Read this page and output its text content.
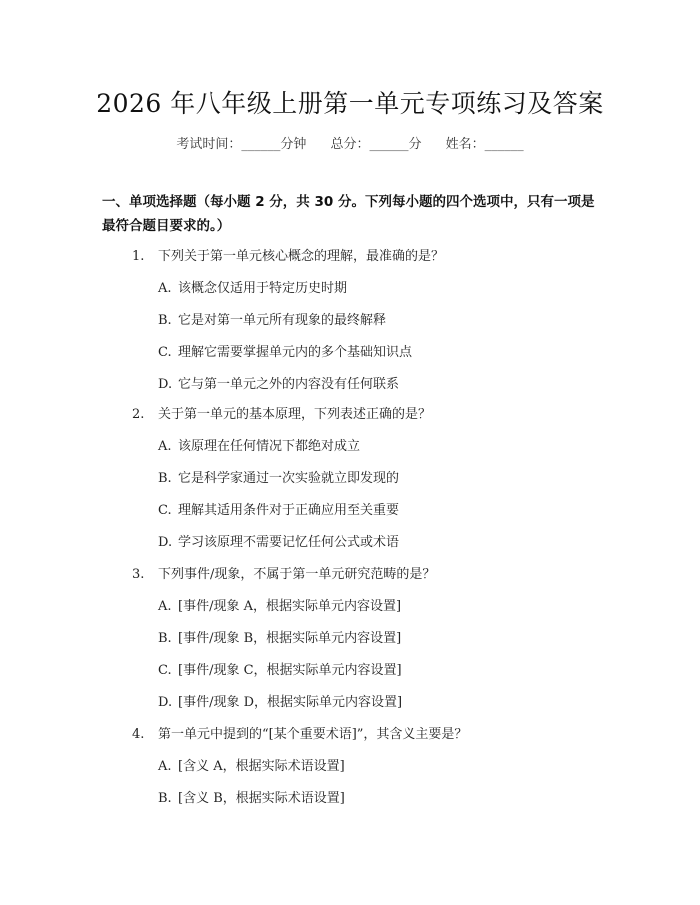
2026 年八年级上册第一单元专项练习及答案
考试时间：______分钟 总分：______分 姓名：______
一、单项选择题（每小题 2 分，共 30 分。下列每小题的四个选项中，只有一项是
最符合题目要求的。）
1. 下列关于第一单元核心概念的理解，最准确的是？
A. 该概念仅适用于特定历史时期
B. 它是对第一单元所有现象的最终解释
C. 理解它需要掌握单元内的多个基础知识点
D. 它与第一单元之外的内容没有任何联系
2. 关于第一单元的基本原理，下列表述正确的是？
A. 该原理在任何情况下都绝对成立
B. 它是科学家通过一次实验就立即发现的
C. 理解其适用条件对于正确应用至关重要
D. 学习该原理不需要记忆任何公式或术语
3. 下列事件/现象，不属于第一单元研究范畴的是？
A. [事件/现象 A，根据实际单元内容设置]
B. [事件/现象 B，根据实际单元内容设置]
C. [事件/现象 C，根据实际单元内容设置]
D. [事件/现象 D，根据实际单元内容设置]
4. 第一单元中提到的“[某个重要术语]”，其含义主要是？
A. [含义 A，根据实际术语设置]
B. [含义 B，根据实际术语设置]
